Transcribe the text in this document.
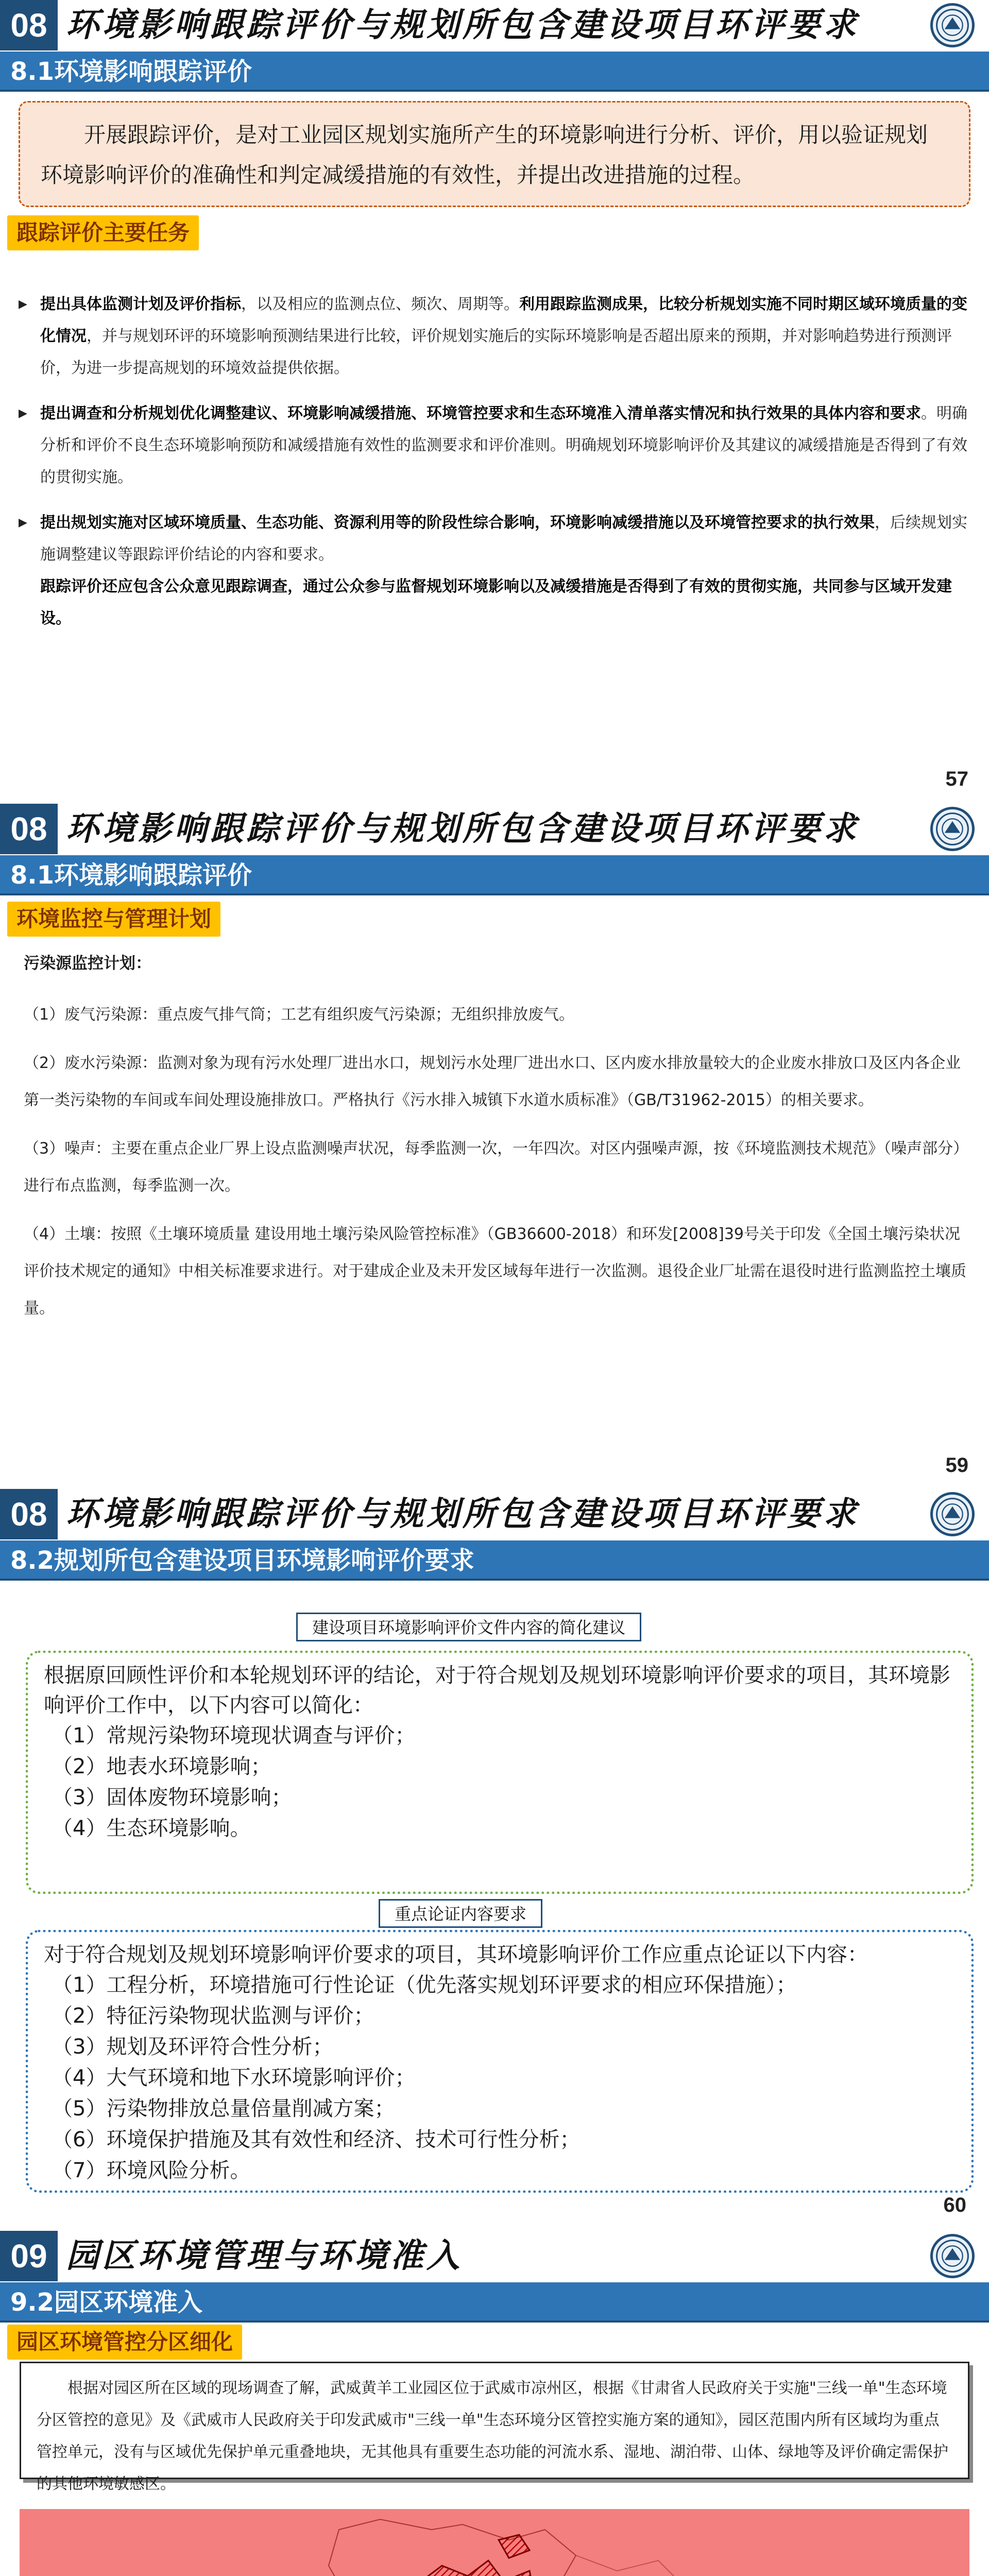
08 环境影响跟踪评价与规划所包含建设项目环评要求
8.1环境影响跟踪评价
开展跟踪评价，是对工业园区规划实施所产生的环境影响进行分析、评价，用以验证规划环境影响评价的准确性和判定减缓措施的有效性，并提出改进措施的过程。
跟踪评价主要任务
▶ 提出具体监测计划及评价指标，以及相应的监测点位、频次、周期等。利用跟踪监测成果，比较分析规划实施不同时期区域环境质量的变化情况，并与规划环评的环境影响预测结果进行比较，评价规划实施后的实际环境影响是否超出原来的预期，并对影响趋势进行预测评价，为进一步提高规划的环境效益提供依据。
▶ 提出调查和分析规划优化调整建议、环境影响减缓措施、环境管控要求和生态环境准入清单落实情况和执行效果的具体内容和要求。明确分析和评价不良生态环境影响预防和减缓措施有效性的监测要求和评价准则。明确规划环境影响评价及其建议的减缓措施是否得到了有效的贯彻实施。
▶ 提出规划实施对区域环境质量、生态功能、资源利用等的阶段性综合影响，环境影响减缓措施以及环境管控要求的执行效果，后续规划实施调整建议等跟踪评价结论的内容和要求。
跟踪评价还应包含公众意见跟踪调查，通过公众参与监督规划环境影响以及减缓措施是否得到了有效的贯彻实施，共同参与区域开发建设。
57
08 环境影响跟踪评价与规划所包含建设项目环评要求
8.1环境影响跟踪评价
环境监控与管理计划
污染源监控计划：

（1）废气污染源：重点废气排气筒；工艺有组织废气污染源；无组织排放废气。

（2）废水污染源：监测对象为现有污水处理厂进出水口，规划污水处理厂进出水口、区内废水排放量较大的企业废水排放口及区内各企业第一类污染物的车间或车间处理设施排放口。严格执行《污水排入城镇下水道水质标准》（GB/T31962-2015）的相关要求。

（3）噪声：主要在重点企业厂界上设点监测噪声状况，每季监测一次，一年四次。对区内强噪声源，按《环境监测技术规范》（噪声部分）进行布点监测，每季监测一次。

（4）土壤：按照《土壤环境质量 建设用地土壤污染风险管控标准》（GB36600-2018）和环发[2008]39号关于印发《全国土壤污染状况评价技术规定的通知》中相关标准要求进行。对于建成企业及未开发区域每年进行一次监测。退役企业厂址需在退役时进行监测监控土壤质量。

59
08 环境影响跟踪评价与规划所包含建设项目环评要求
8.2规划所包含建设项目环境影响评价要求
建设项目环境影响评价文件内容的简化建议
根据原回顾性评价和本轮规划环评的结论，对于符合规划及规划环境影响评价要求的项目，其环境影响评价工作中，以下内容可以简化：
（1）常规污染物环境现状调查与评价；
（2）地表水环境影响；
（3）固体废物环境影响；
（4）生态环境影响。
重点论证内容要求
对于符合规划及规划环境影响评价要求的项目，其环境影响评价工作应重点论证以下内容：
（1）工程分析，环境措施可行性论证（优先落实规划环评要求的相应环保措施）；
（2）特征污染物现状监测与评价；
（3）规划及环评符合性分析；
（4）大气环境和地下水环境影响评价；
（5）污染物排放总量倍量削减方案；
（6）环境保护措施及其有效性和经济、技术可行性分析；
（7）环境风险分析。
60
09 园区环境管理与环境准入
9.2园区环境准入
园区环境管控分区细化
根据对园区所在区域的现场调查了解，武威黄羊工业园区位于武威市凉州区，根据《甘肃省人民政府关于实施"三线一单"生态环境分区管控的意见》及《武威市人民政府关于印发武威市"三线一单"生态环境分区管控实施方案的通知》，园区范围内所有区域均为重点管控单元，没有与区域优先保护单元重叠地块，无其他具有重要生态功能的河流水系、湿地、湖泊带、山体、绿地等及评价确定需保护的其他环境敏感区。
